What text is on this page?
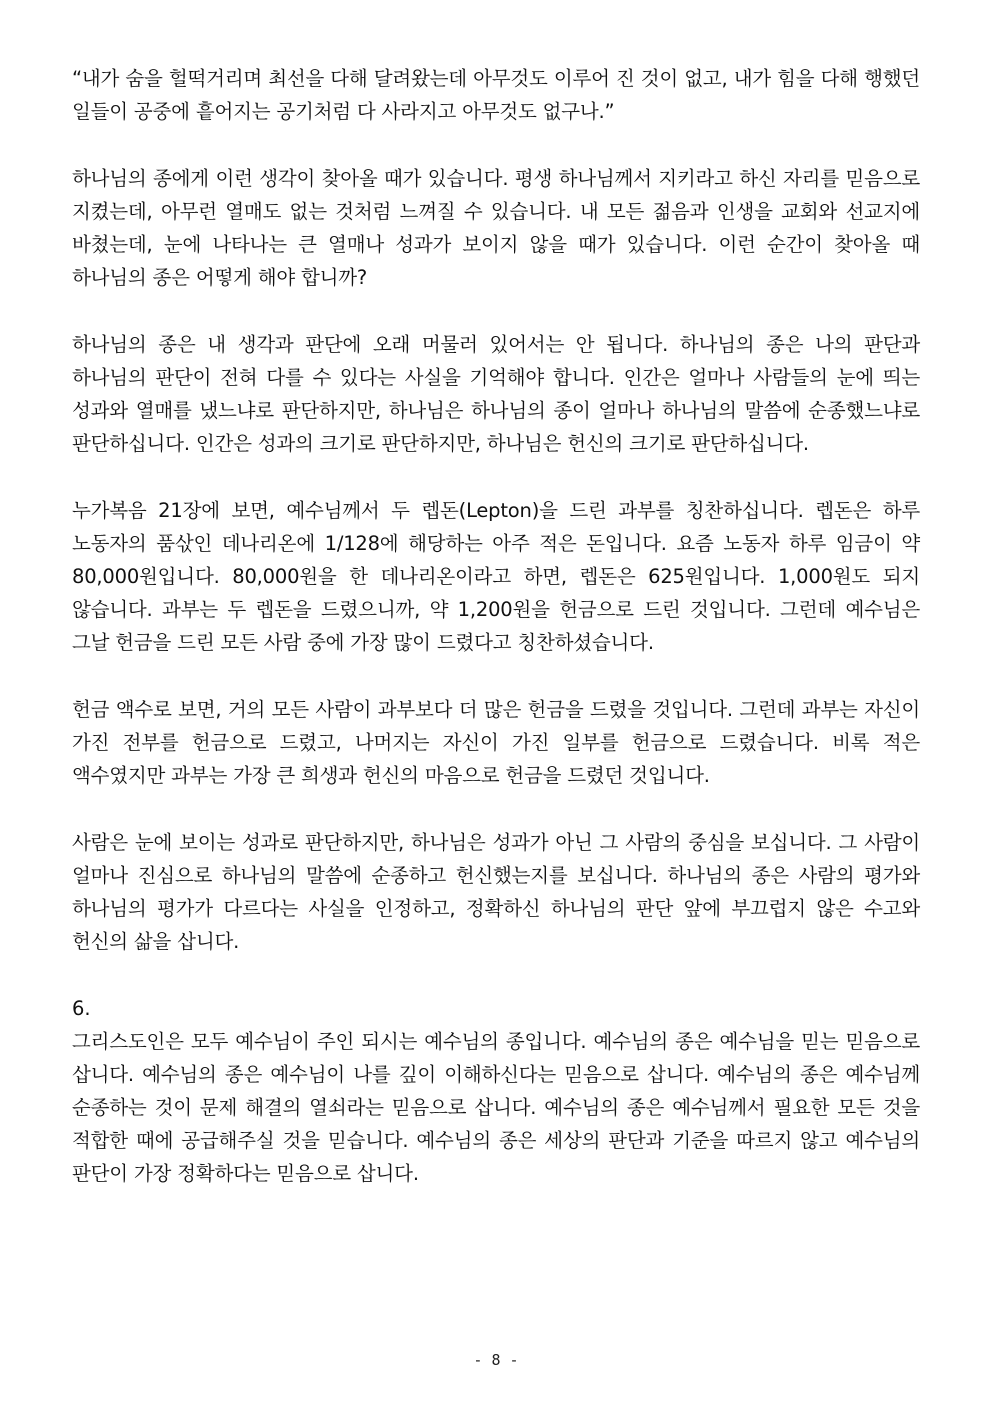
“내가 숨을 헐떡거리며 최선을 다해 달려왔는데 아무것도 이루어 진 것이 없고, 내가 힘을 다해 행했던 일들이 공중에 흩어지는 공기처럼 다 사라지고 아무것도 없구나.”

하나님의 종에게 이런 생각이 찾아올 때가 있습니다. 평생 하나님께서 지키라고 하신 자리를 믿음으로 지켰는데, 아무런 열매도 없는 것처럼 느껴질 수 있습니다. 내 모든 젊음과 인생을 교회와 선교지에 바쳤는데, 눈에 나타나는 큰 열매나 성과가 보이지 않을 때가 있습니다. 이런 순간이 찾아올 때 하나님의 종은 어떻게 해야 합니까?

하나님의 종은 내 생각과 판단에 오래 머물러 있어서는 안 됩니다. 하나님의 종은 나의 판단과 하나님의 판단이 전혀 다를 수 있다는 사실을 기억해야 합니다. 인간은 얼마나 사람들의 눈에 띄는 성과와 열매를 냈느냐로 판단하지만, 하나님은 하나님의 종이 얼마나 하나님의 말씀에 순종했느냐로 판단하십니다. 인간은 성과의 크기로 판단하지만, 하나님은 헌신의 크기로 판단하십니다.

누가복음 21장에 보면, 예수님께서 두 렙돈(Lepton)을 드린 과부를 칭찬하십니다. 렙돈은 하루 노동자의 품삯인 데나리온에 1/128에 해당하는 아주 적은 돈입니다. 요즘 노동자 하루 임금이 약 80,000원입니다. 80,000원을 한 데나리온이라고 하면, 렙돈은 625원입니다. 1,000원도 되지 않습니다. 과부는 두 렙돈을 드렸으니까, 약 1,200원을 헌금으로 드린 것입니다. 그런데 예수님은 그날 헌금을 드린 모든 사람 중에 가장 많이 드렸다고 칭찬하셨습니다.

헌금 액수로 보면, 거의 모든 사람이 과부보다 더 많은 헌금을 드렸을 것입니다. 그런데 과부는 자신이 가진 전부를 헌금으로 드렸고, 나머지는 자신이 가진 일부를 헌금으로 드렸습니다. 비록 적은 액수였지만 과부는 가장 큰 희생과 헌신의 마음으로 헌금을 드렸던 것입니다.

사람은 눈에 보이는 성과로 판단하지만, 하나님은 성과가 아닌 그 사람의 중심을 보십니다. 그 사람이 얼마나 진심으로 하나님의 말씀에 순종하고 헌신했는지를 보십니다. 하나님의 종은 사람의 평가와 하나님의 평가가 다르다는 사실을 인정하고, 정확하신 하나님의 판단 앞에 부끄럽지 않은 수고와 헌신의 삶을 삽니다.

6.

그리스도인은 모두 예수님이 주인 되시는 예수님의 종입니다. 예수님의 종은 예수님을 믿는 믿음으로 삽니다. 예수님의 종은 예수님이 나를 깊이 이해하신다는 믿음으로 삽니다. 예수님의 종은 예수님께 순종하는 것이 문제 해결의 열쇠라는 믿음으로 삽니다. 예수님의 종은 예수님께서 필요한 모든 것을 적합한 때에 공급해주실 것을 믿습니다. 예수님의 종은 세상의 판단과 기준을 따르지 않고 예수님의 판단이 가장 정확하다는 믿음으로 삽니다.

- 8 -
